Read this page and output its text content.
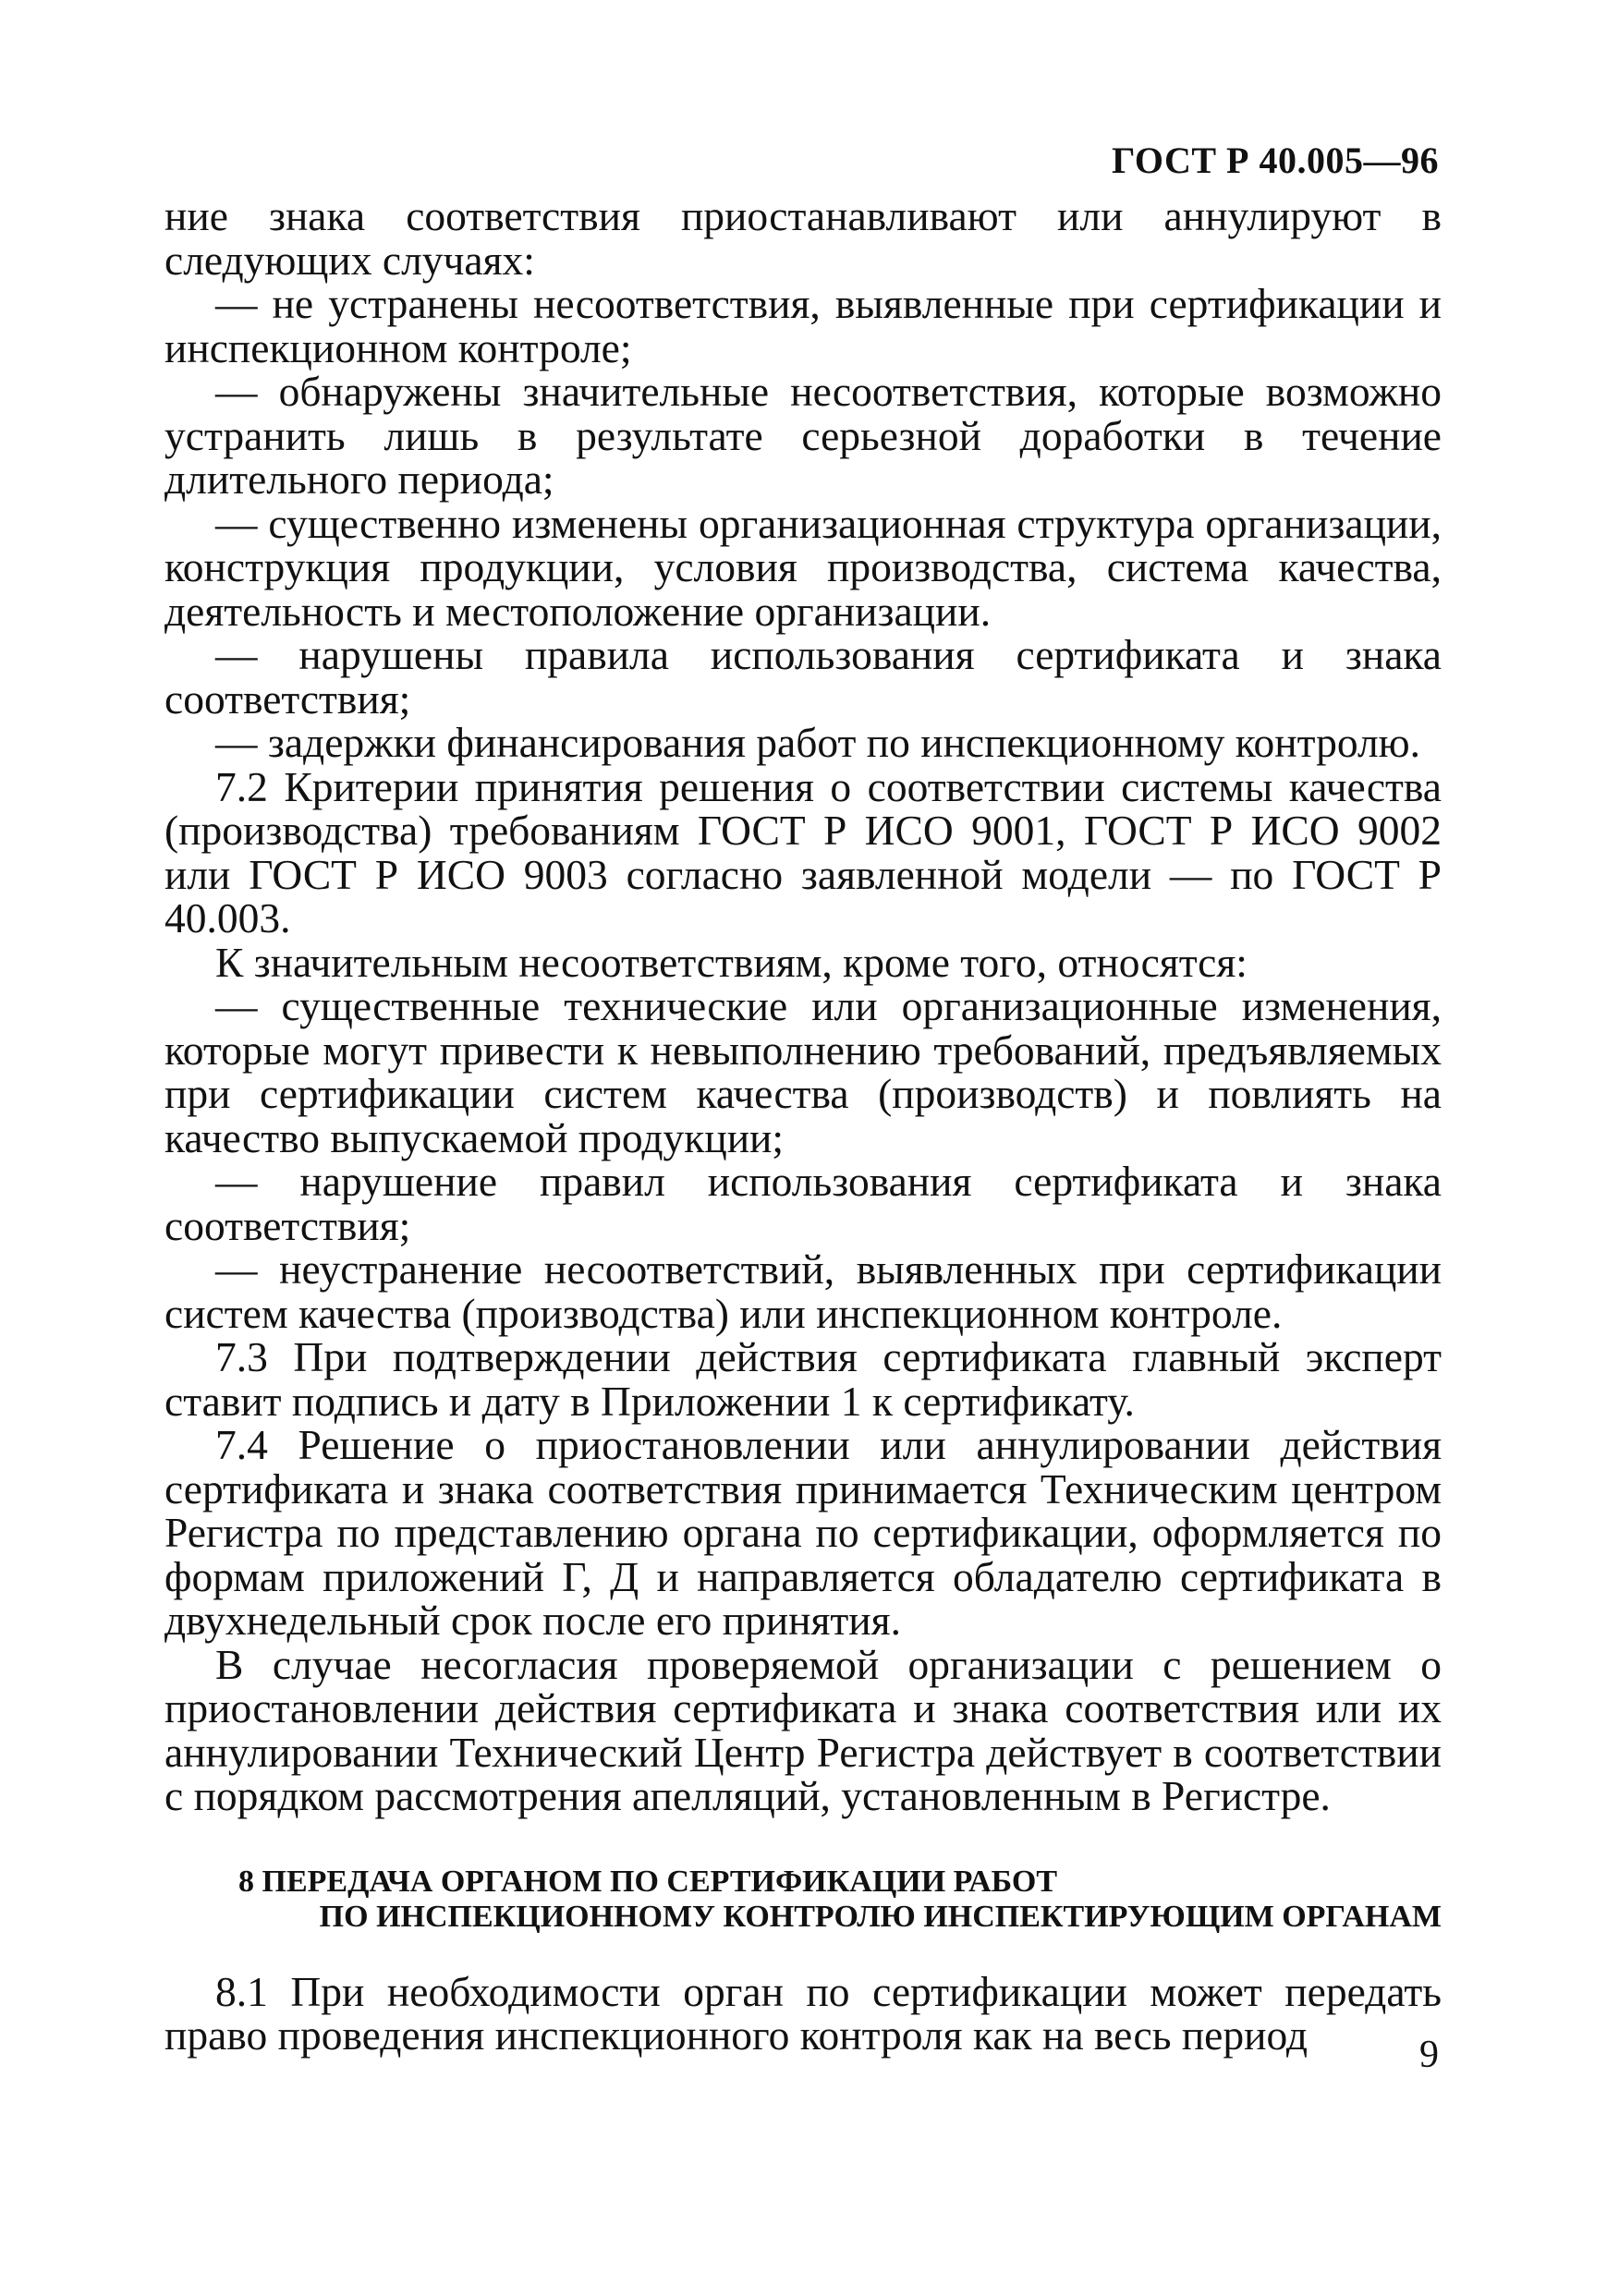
ГОСТ Р 40.005—96

ние знака соответствия приостанавливают или аннулируют в следующих случаях:

— не устранены несоответствия, выявленные при сертификации и инспекционном контроле;

— обнаружены значительные несоответствия, которые возможно устранить лишь в результате серьезной доработки в течение длительного периода;

— существенно изменены организационная структура организации, конструкция продукции, условия производства, система качества, деятельность и местоположение организации.

— нарушены правила использования сертификата и знака соответствия;

— задержки финансирования работ по инспекционному контролю.

7.2 Критерии принятия решения о соответствии системы качества (производства) требованиям ГОСТ Р ИСО 9001, ГОСТ Р ИСО 9002 или ГОСТ Р ИСО 9003 согласно заявленной модели — по ГОСТ Р 40.003.

К значительным несоответствиям, кроме того, относятся:

— существенные технические или организационные изменения, которые могут привести к невыполнению требований, предъявляемых при сертификации систем качества (производств) и повлиять на качество выпускаемой продукции;

— нарушение правил использования сертификата и знака соответствия;

— неустранение несоответствий, выявленных при сертификации систем качества (производства) или инспекционном контроле.

7.3 При подтверждении действия сертификата главный эксперт ставит подпись и дату в Приложении 1 к сертификату.

7.4 Решение о приостановлении или аннулировании действия сертификата и знака соответствия принимается Техническим центром Регистра по представлению органа по сертификации, оформляется по формам приложений Г, Д и направляется обладателю сертификата в двухнедельный срок после его принятия.

В случае несогласия проверяемой организации с решением о приостановлении действия сертификата и знака соответствия или их аннулировании Технический Центр Регистра действует в соответствии с порядком рассмотрения апелляций, установленным в Регистре.

8 ПЕРЕДАЧА ОРГАНОМ ПО СЕРТИФИКАЦИИ РАБОТ
ПО ИНСПЕКЦИОННОМУ КОНТРОЛЮ ИНСПЕКТИРУЮЩИМ ОРГАНАМ

8.1 При необходимости орган по сертификации может передать право проведения инспекционного контроля как на весь период	9
